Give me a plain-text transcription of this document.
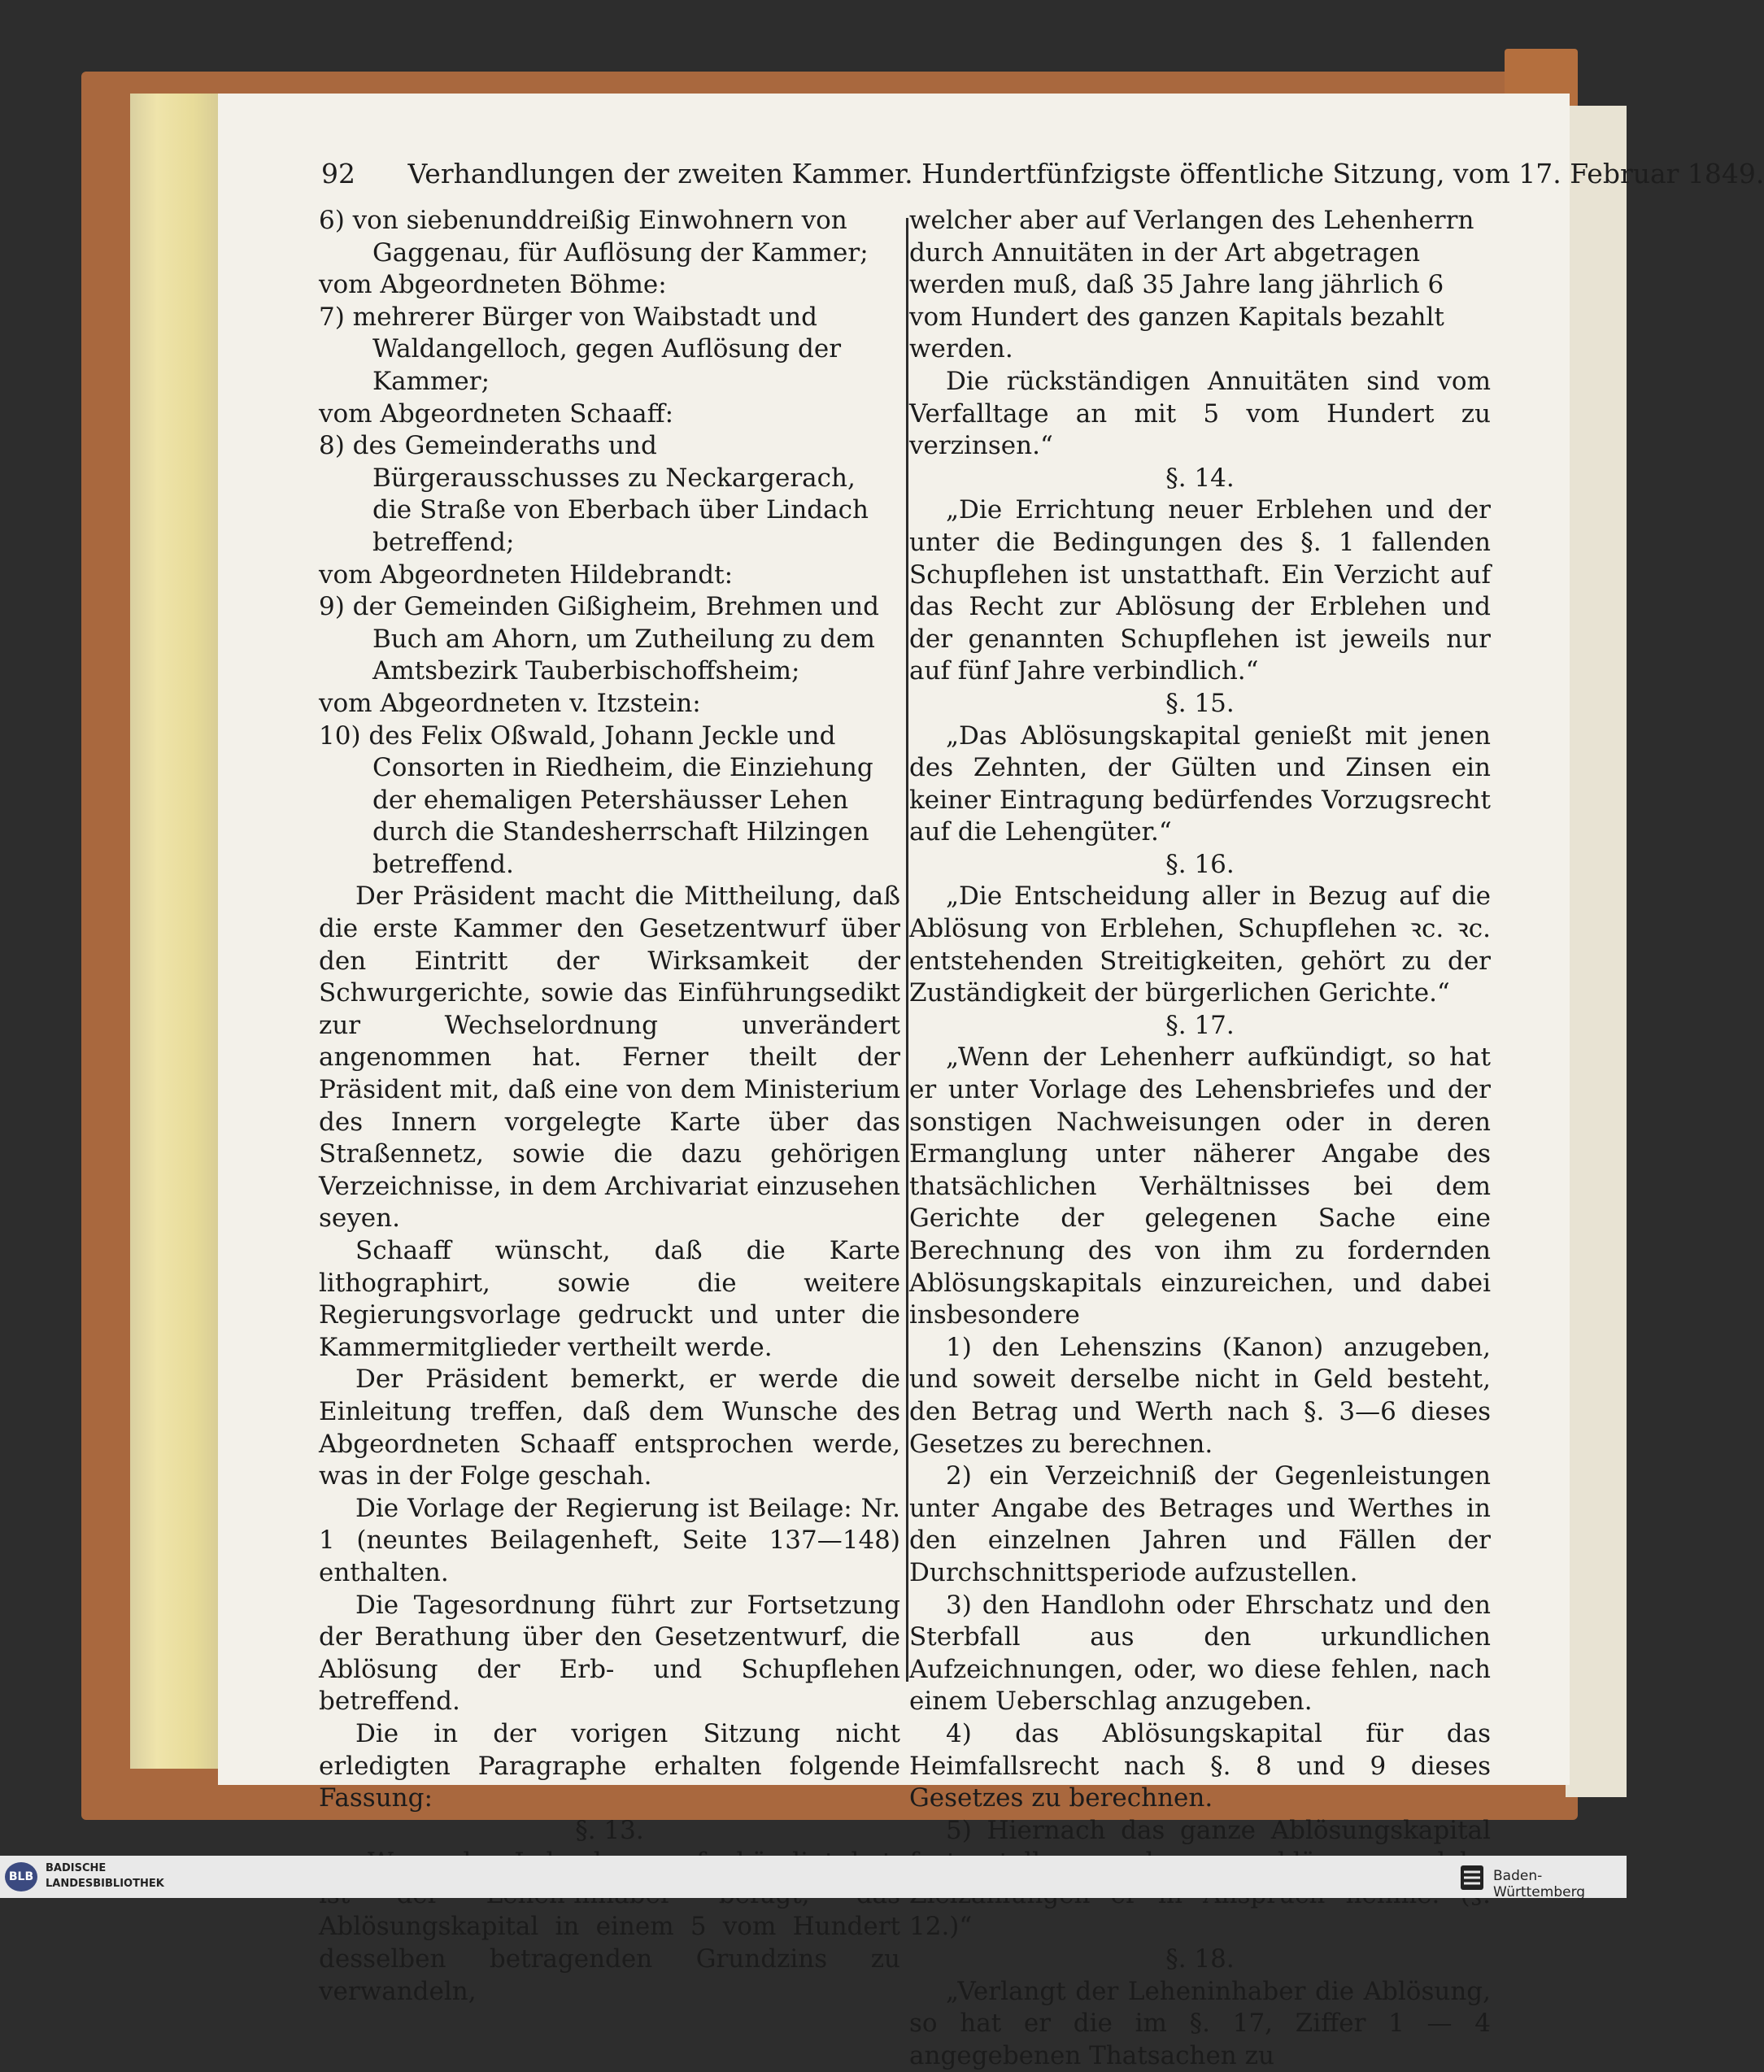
92 Verhandlungen der zweiten Kammer. Hundertfünfzigste öffentliche Sitzung, vom 17. Februar 1849.

6) von siebenunddreißig Einwohnern von Gaggenau, für Auflösung der Kammer;

vom Abgeordneten Böhme:

7) mehrerer Bürger von Waibstadt und Waldangelloch, gegen Auflösung der Kammer;

vom Abgeordneten Schaaff:

8) des Gemeinderaths und Bürgerausschusses zu Neckargerach, die Straße von Eberbach über Lindach betreffend;

vom Abgeordneten Hildebrandt:

9) der Gemeinden Gißigheim, Brehmen und Buch am Ahorn, um Zutheilung zu dem Amtsbezirk Tauberbischoffsheim;

vom Abgeordneten v. Itzstein:

10) des Felix Oßwald, Johann Jeckle und Consorten in Riedheim, die Einziehung der ehemaligen Petershäusser Lehen durch die Standesherrschaft Hilzingen betreffend.

Der Präsident macht die Mittheilung, daß die erste Kammer den Gesetzentwurf über den Eintritt der Wirksamkeit der Schwurgerichte, sowie das Einführungsedikt zur Wechselordnung unverändert angenommen hat. Ferner theilt der Präsident mit, daß eine von dem Ministerium des Innern vorgelegte Karte über das Straßennetz, sowie die dazu gehörigen Verzeichnisse, in dem Archivariat einzusehen seyen.

Schaaff wünscht, daß die Karte lithographirt, sowie die weitere Regierungsvorlage gedruckt und unter die Kammermitglieder vertheilt werde.

Der Präsident bemerkt, er werde die Einleitung treffen, daß dem Wunsche des Abgeordneten Schaaff entsprochen werde, was in der Folge geschah.

Die Vorlage der Regierung ist Beilage: Nr. 1 (neuntes Beilagenheft, Seite 137—148) enthalten.

Die Tagesordnung führt zur Fortsetzung der Berathung über den Gesetzentwurf, die Ablösung der Erb- und Schupflehen betreffend.

Die in der vorigen Sitzung nicht erledigten Paragraphe erhalten folgende Fassung:

§. 13.

Ablösungskapital in einem 5 vom Hundert desselben betragenden Grundzins zu verwandeln,

welcher aber auf Verlangen des Lehenherrn durch Annuitäten in der Art abgetragen werden muß, daß 35 Jahre lang jährlich 6 vom Hundert des ganzen Kapitals bezahlt werden.

Die rückständigen Annuitäten sind vom Verfalltage an mit 5 vom Hundert zu verzinsen.“

§. 14.

„Die Errichtung neuer Erblehen und der unter die Bedingungen des §. 1 fallenden Schupflehen ist unstatthaft. Ein Verzicht auf das Recht zur Ablösung der Erblehen und der genannten Schupflehen ist jeweils nur auf fünf Jahre verbindlich.“

§. 15.

„Das Ablösungskapital genießt mit jenen des Zehnten, der Gülten und Zinsen ein keiner Eintragung bedürfendes Vorzugsrecht auf die Lehengüter.“

§. 16.

„Die Entscheidung aller in Bezug auf die Ablösung von Erblehen, Schupflehen ꝛc. ꝛc. entstehenden Streitigkeiten, gehört zu der Zuständigkeit der bürgerlichen Gerichte.“

§. 17.

„Wenn der Lehenherr aufkündigt, so hat er unter Vorlage des Lehensbriefes und der sonstigen Nachweisungen oder in deren Ermanglung unter näherer Angabe des thatsächlichen Verhältnisses bei dem Gerichte der gelegenen Sache eine Berechnung des von ihm zu fordernden Ablösungskapitals einzureichen, und dabei insbesondere

1) den Lehenszins (Kanon) anzugeben, und soweit derselbe nicht in Geld besteht, den Betrag und Werth nach §. 3—6 dieses Gesetzes zu berechnen.

2) ein Verzeichniß der Gegenleistungen unter Angabe des Betrages und Werthes in den einzelnen Jahren und Fällen der Durchschnittsperiode aufzustellen.

3) den Handlohn oder Ehrschatz und den Sterbfall aus den urkundlichen Aufzeichnungen, oder, wo diese fehlen, nach einem Ueberschlag anzugeben.

4) das Ablösungskapital für das Heimfallsrecht nach §. 8 und 9 dieses Gesetzes zu berechnen.

5) Hiernach das ganze Ablösungskapital 12.)“

§. 18.

„Verlangt der Leheninhaber die Ablösung, so hat er die im §. 17, Ziffer 1 — 4 angegebenen Thatsachen zu

BLB
BADISCHE
LANDESBIBLIOTHEK	Baden-Württemberg
